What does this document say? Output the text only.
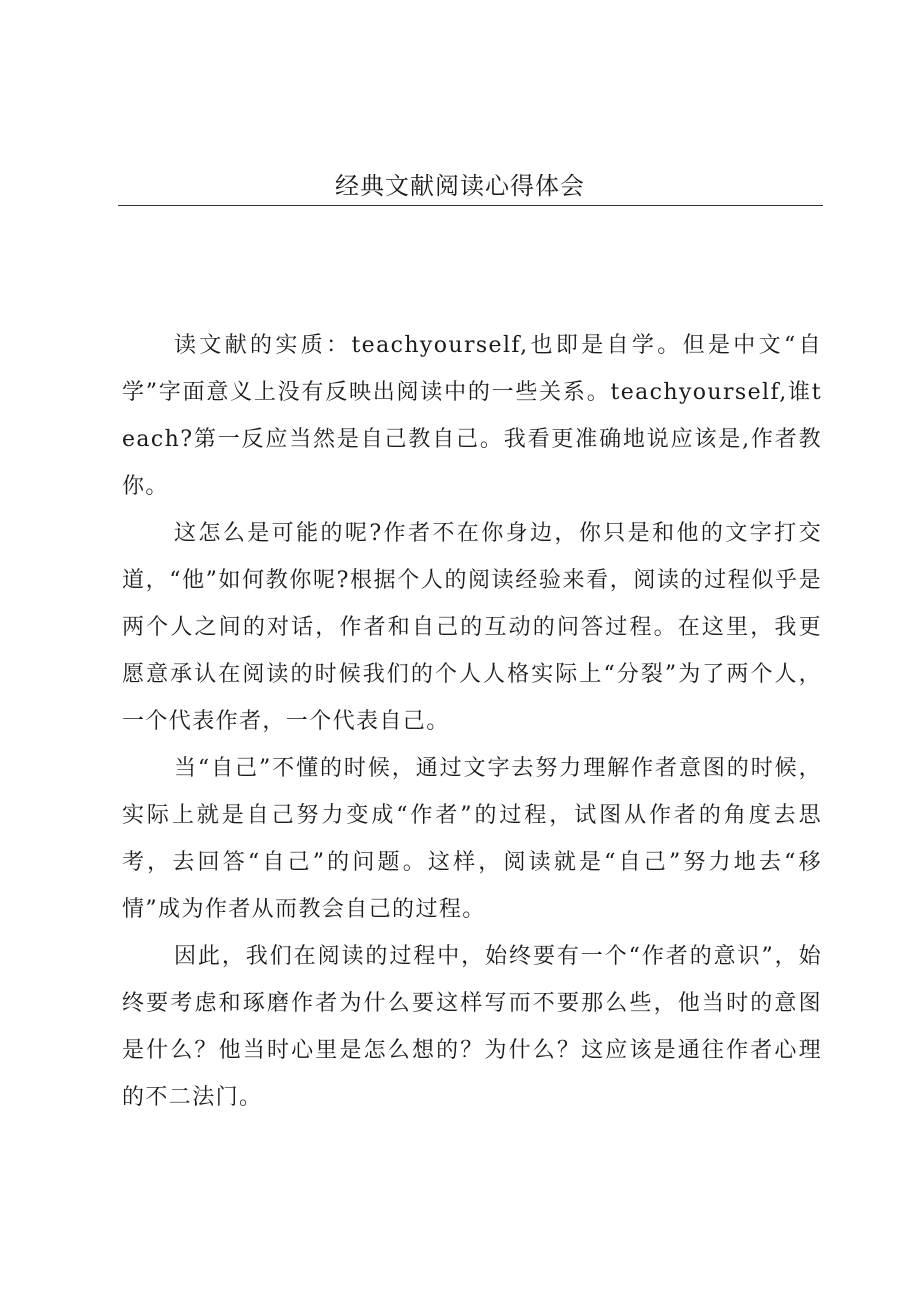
经典文献阅读心得体会

读文献的实质：teachyourself,也即是自学。但是中文“自学”字面意义上没有反映出阅读中的一些关系。teachyourself,谁teach?第一反应当然是自己教自己。我看更准确地说应该是,作者教你。

这怎么是可能的呢?作者不在你身边，你只是和他的文字打交道，“他”如何教你呢?根据个人的阅读经验来看，阅读的过程似乎是两个人之间的对话，作者和自己的互动的问答过程。在这里，我更愿意承认在阅读的时候我们的个人人格实际上“分裂”为了两个人，一个代表作者，一个代表自己。

当“自己”不懂的时候，通过文字去努力理解作者意图的时候，实际上就是自己努力变成“作者”的过程，试图从作者的角度去思考，去回答“自己”的问题。这样，阅读就是“自己”努力地去“移情”成为作者从而教会自己的过程。

因此，我们在阅读的过程中，始终要有一个“作者的意识”，始终要考虑和琢磨作者为什么要这样写而不要那么些，他当时的意图是什么？他当时心里是怎么想的？为什么？这应该是通往作者心理的不二法门。
